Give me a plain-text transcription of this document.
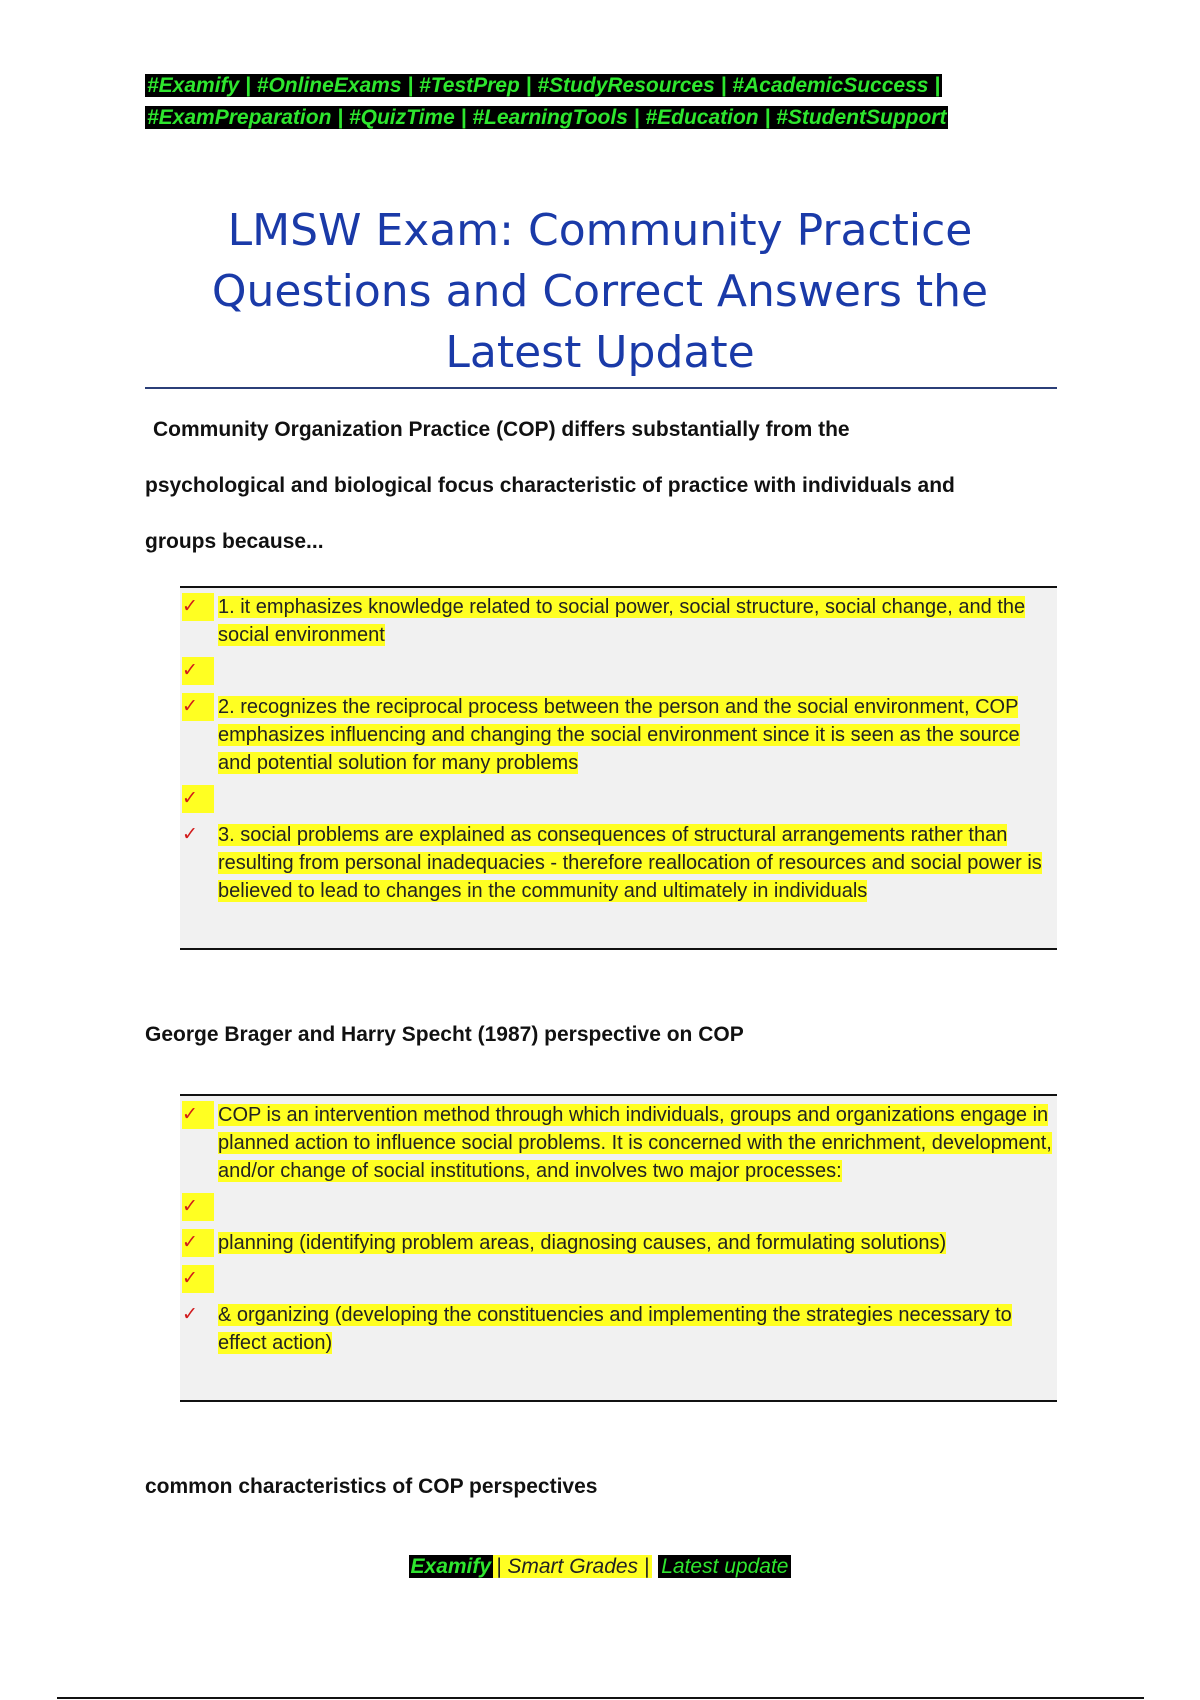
#Examify | #OnlineExams | #TestPrep | #StudyResources | #AcademicSuccess |
#ExamPreparation | #QuizTime | #LearningTools | #Education | #StudentSupport
LMSW Exam: Community Practice
Questions and Correct Answers the
Latest Update
Community Organization Practice (COP) differs substantially from the
psychological and biological focus characteristic of practice with individuals and
groups because...
✓	1. it emphasizes knowledge related to social power, social structure, social change, and the social environment
✓
✓	2. recognizes the reciprocal process between the person and the social environment, COP emphasizes influencing and changing the social environment since it is seen as the source and potential solution for many problems
✓
✓	3. social problems are explained as consequences of structural arrangements rather than resulting from personal inadequacies - therefore reallocation of resources and social power is believed to lead to changes in the community and ultimately in individuals
George Brager and Harry Specht (1987) perspective on COP
✓	COP is an intervention method through which individuals, groups and organizations engage in planned action to influence social problems. It is concerned with the enrichment, development, and/or change of social institutions, and involves two major processes:
✓
✓	planning (identifying problem areas, diagnosing causes, and formulating solutions)
✓
✓	& organizing (developing the constituencies and implementing the strategies necessary to effect action)
common characteristics of COP perspectives
Examify | Smart Grades | Latest update
